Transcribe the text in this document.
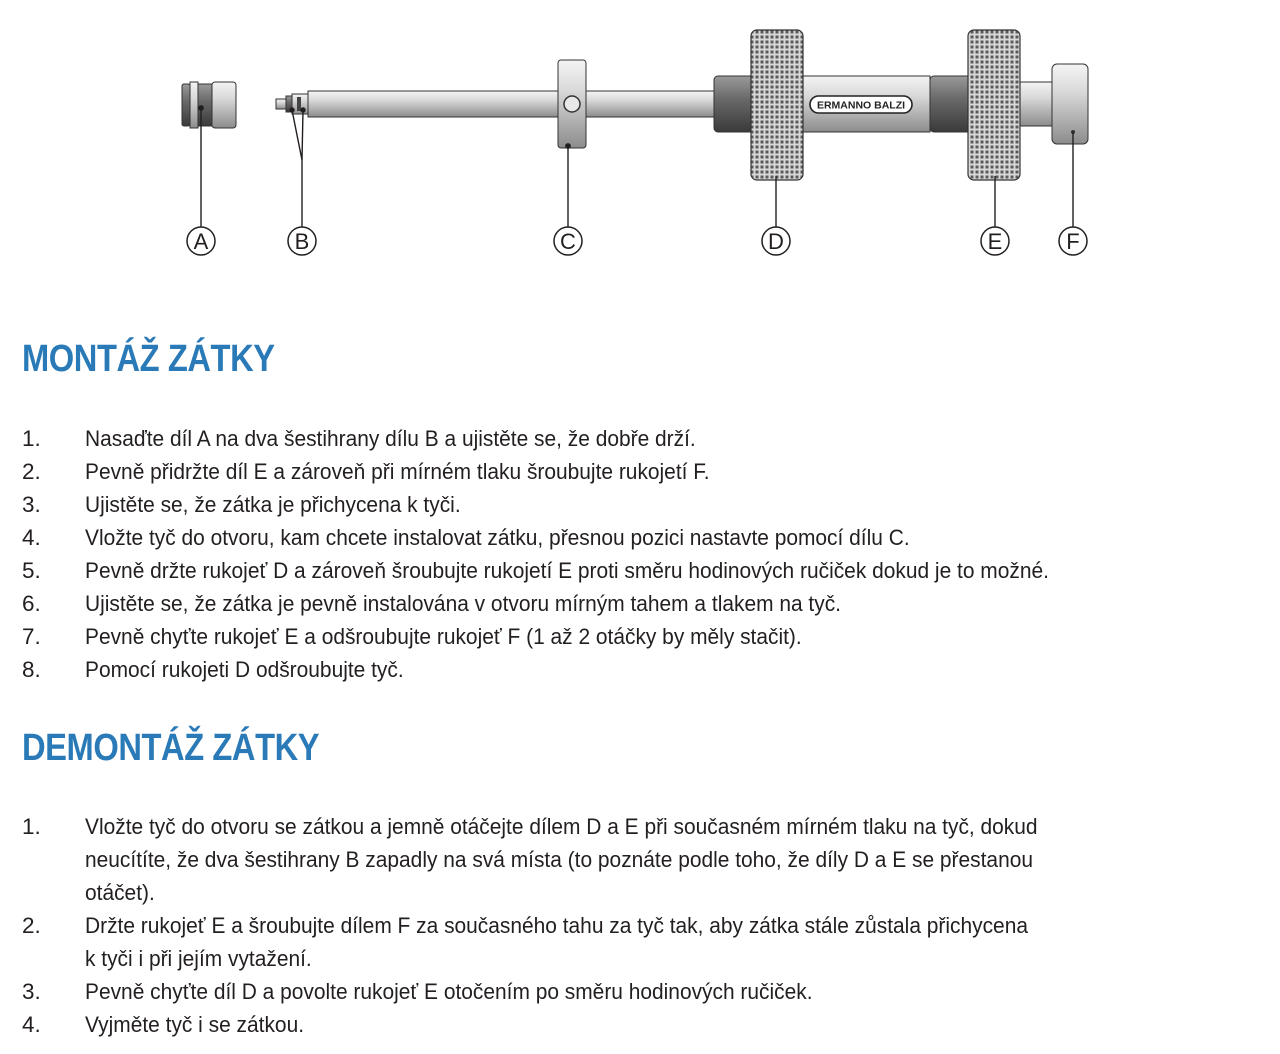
ERMANNO BALZI
A	B	C	D	E	F
MONTÁŽ ZÁTKY
1. Nasaďte díl A na dva šestihrany dílu B a ujistěte se, že dobře drží.
2. Pevně přidržte díl E a zároveň při mírném tlaku šroubujte rukojetí F.
3. Ujistěte se, že zátka je přichycena k tyči.
4. Vložte tyč do otvoru, kam chcete instalovat zátku, přesnou pozici nastavte pomocí dílu C.
5. Pevně držte rukojeť D a zároveň šroubujte rukojetí E proti směru hodinových ručiček dokud je to možné.
6. Ujistěte se, že zátka je pevně instalována v otvoru mírným tahem a tlakem na tyč.
7. Pevně chyťte rukojeť E a odšroubujte rukojeť F (1 až 2 otáčky by měly stačit).
8. Pomocí rukojeti D odšroubujte tyč.
DEMONTÁŽ ZÁTKY
1. Vložte tyč do otvoru se zátkou a jemně otáčejte dílem D a E při současném mírném tlaku na tyč, dokud
neucítíte, že dva šestihrany B zapadly na svá místa (to poznáte podle toho, že díly D a E se přestanou
otáčet).
2. Držte rukojeť E a šroubujte dílem F za současného tahu za tyč tak, aby zátka stále zůstala přichycena
k tyči i při jejím vytažení.
3. Pevně chyťte díl D a povolte rukojeť E otočením po směru hodinových ručiček.
4. Vyjměte tyč i se zátkou.
